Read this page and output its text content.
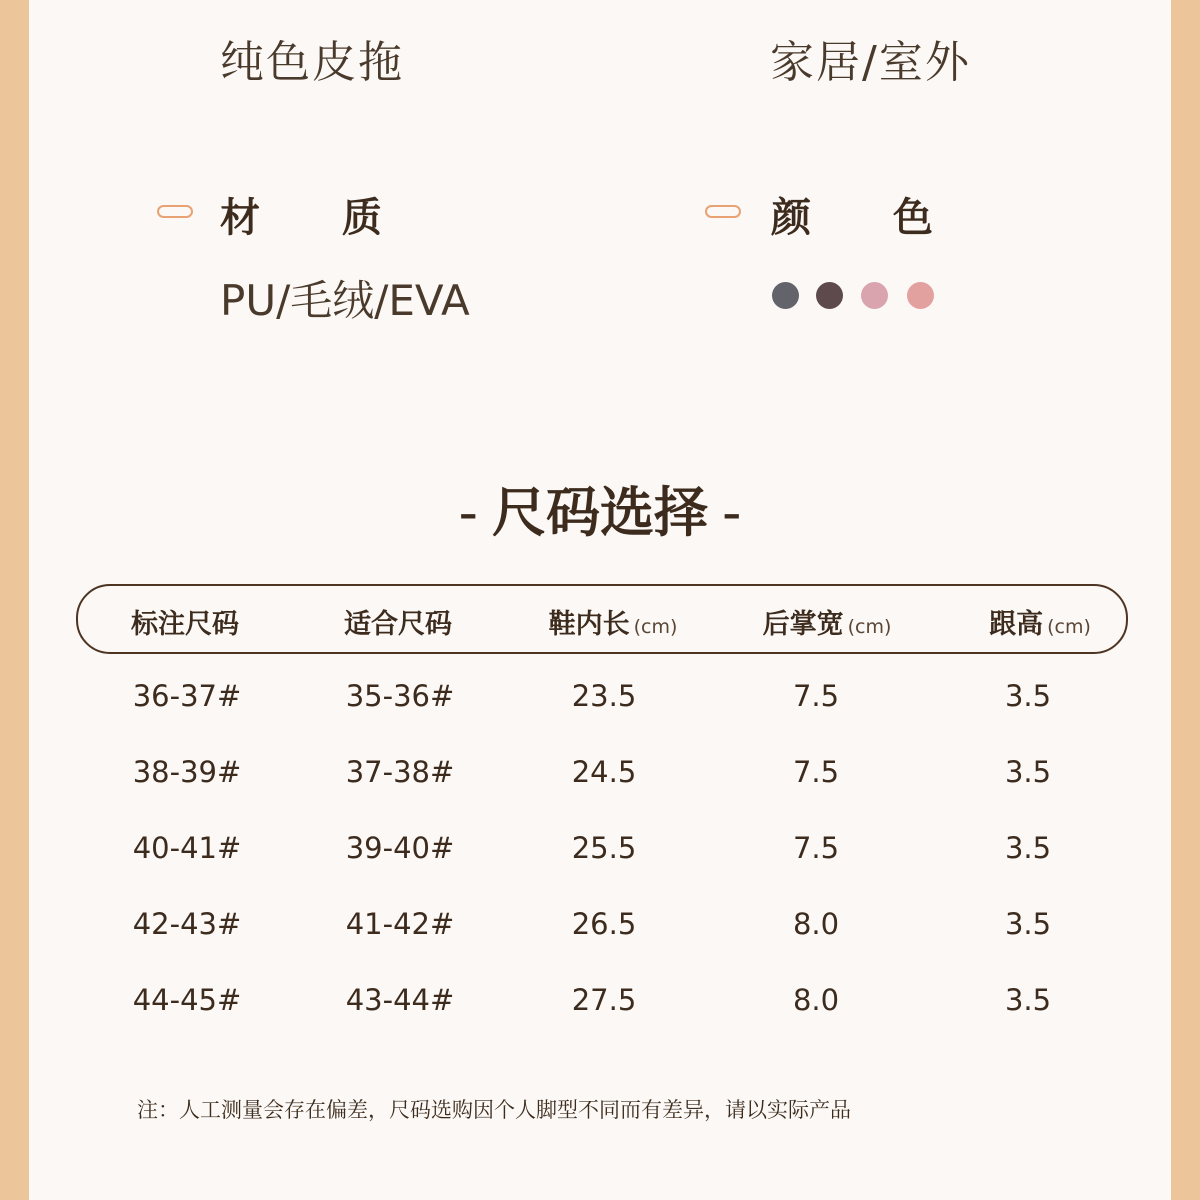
纯色皮拖	家居/室外
材 质
PU/毛绒/EVA
颜 色
- 尺码选择 -
标注尺码	适合尺码	鞋内长 (cm)	后掌宽 (cm)	跟高 (cm)
36-37#	35-36#	23.5	7.5	3.5
38-39#	37-38#	24.5	7.5	3.5
40-41#	39-40#	25.5	7.5	3.5
42-43#	41-42#	26.5	8.0	3.5
44-45#	43-44#	27.5	8.0	3.5
注：人工测量会存在偏差，尺码选购因个人脚型不同而有差异，请以实际产品
